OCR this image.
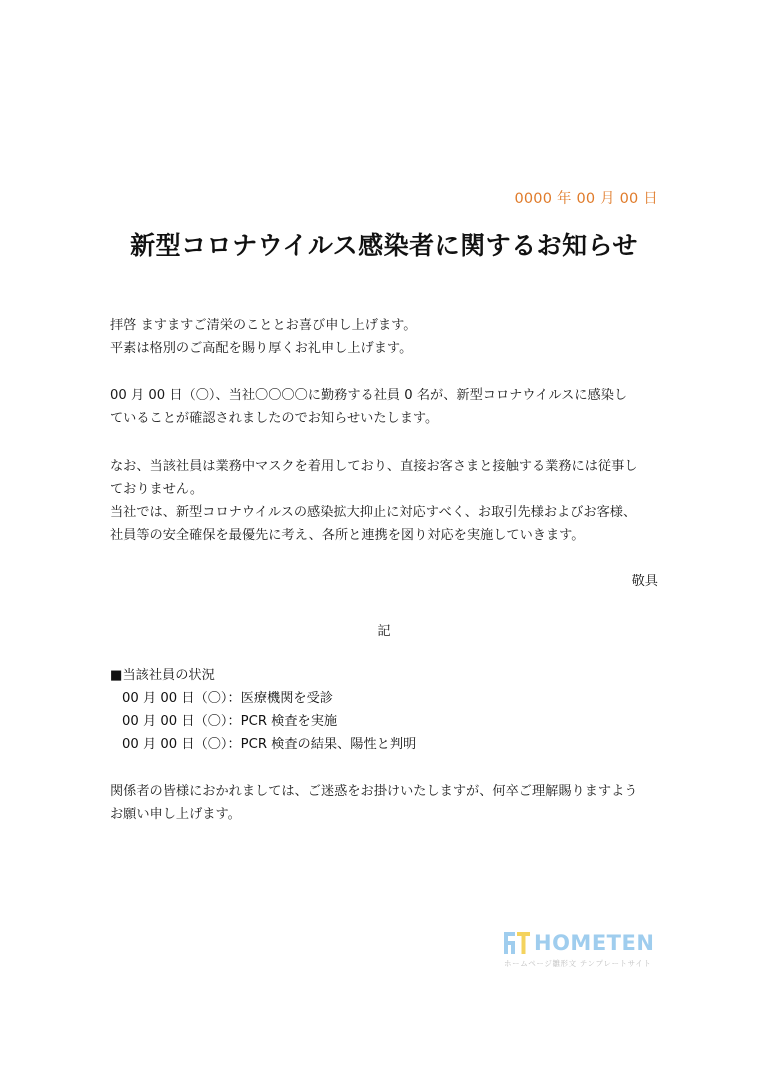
0000 年 00 月 00 日
新型コロナウイルス感染者に関するお知らせ
拝啓 ますますご清栄のこととお喜び申し上げます。
平素は格別のご高配を賜り厚くお礼申し上げます。
00 月 00 日（〇）、当社〇〇〇〇に勤務する社員 0 名が、新型コロナウイルスに感染し
ていることが確認されましたのでお知らせいたします。
なお、当該社員は業務中マスクを着用しており、直接お客さまと接触する業務には従事し
ておりません。
当社では、新型コロナウイルスの感染拡大抑止に対応すべく、お取引先様およびお客様、
社員等の安全確保を最優先に考え、各所と連携を図り対応を実施していきます。
敬具
記
■当該社員の状況
00 月 00 日（〇）：医療機関を受診
00 月 00 日（〇）：PCR 検査を実施
00 月 00 日（〇）：PCR 検査の結果、陽性と判明
関係者の皆様におかれましては、ご迷惑をお掛けいたしますが、何卒ご理解賜りますよう
お願い申し上げます。
HOMETEN
ホームページ雛形文 テンプレートサイト
